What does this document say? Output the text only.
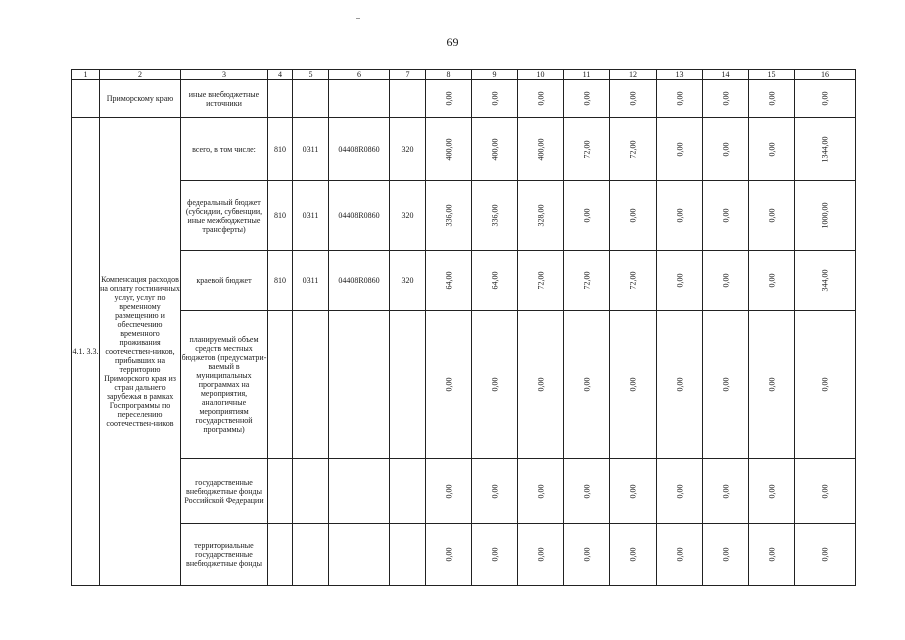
69
1	2	3	4	5	6	7	8	9	10	11	12	13	14	15	16
	Приморскому краю	иные внебюджетные источники					0,00	0,00	0,00	0,00	0,00	0,00	0,00	0,00	0,00
4.1. 3.3.	Компенсация расходов на оплату гостиничных услуг, услуг по временному размещению и обеспечению временного проживания соотечествен-ников, прибывших на территорию Приморского края из стран дальнего зарубежья в рамках Госпрограммы по переселению соотечествен-ников	всего, в том числе:	810	0311	04408R0860	320	400,00	400,00	400,00	72,00	72,00	0,00	0,00	0,00	1344,00
		федеральный бюджет (субсидии, субвенции, иные межбюджетные трансферты)	810	0311	04408R0860	320	336,00	336,00	328,00	0,00	0,00	0,00	0,00	0,00	1000,00
		краевой бюджет	810	0311	04408R0860	320	64,00	64,00	72,00	72,00	72,00	0,00	0,00	0,00	344,00
		планируемый объем средств местных бюджетов (предусматри-ваемый в муниципальных программах на мероприятия, аналогичные мероприятиям государственной программы)					0,00	0,00	0,00	0,00	0,00	0,00	0,00	0,00	0,00
		государственные внебюджетные фонды Российской Федерации					0,00	0,00	0,00	0,00	0,00	0,00	0,00	0,00	0,00
		территориальные государственные внебюджетные фонды					0,00	0,00	0,00	0,00	0,00	0,00	0,00	0,00	0,00
